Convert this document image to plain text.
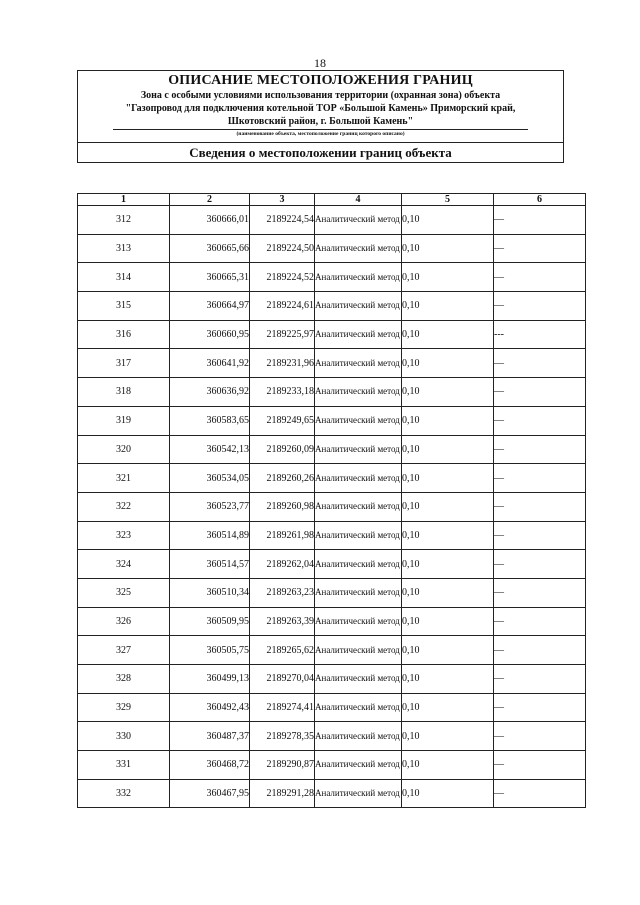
18
ОПИСАНИЕ МЕСТОПОЛОЖЕНИЯ ГРАНИЦ
Зона с особыми условиями использования территории (охранная зона) объекта
"Газопровод для подключения котельной ТОР «Большой Камень» Приморский край,
Шкотовский район, г. Большой Камень"
(наименование объекта, местоположение границ которого описано)
Сведения о местоположении границ объекта
1	2	3	4	5	6
312	360666,01	2189224,54	Аналитический метод	0,10	—
313	360665,66	2189224,50	Аналитический метод	0,10	—
314	360665,31	2189224,52	Аналитический метод	0,10	—
315	360664,97	2189224,61	Аналитический метод	0,10	—
316	360660,95	2189225,97	Аналитический метод	0,10	---
317	360641,92	2189231,96	Аналитический метод	0,10	—
318	360636,92	2189233,18	Аналитический метод	0,10	—
319	360583,65	2189249,65	Аналитический метод	0,10	—
320	360542,13	2189260,09	Аналитический метод	0,10	—
321	360534,05	2189260,26	Аналитический метод	0,10	—
322	360523,77	2189260,98	Аналитический метод	0,10	—
323	360514,89	2189261,98	Аналитический метод	0,10	—
324	360514,57	2189262,04	Аналитический метод	0,10	—
325	360510,34	2189263,23	Аналитический метод	0,10	—
326	360509,95	2189263,39	Аналитический метод	0,10	—
327	360505,75	2189265,62	Аналитический метод	0,10	—
328	360499,13	2189270,04	Аналитический метод	0,10	—
329	360492,43	2189274,41	Аналитический метод	0,10	—
330	360487,37	2189278,35	Аналитический метод	0,10	—
331	360468,72	2189290,87	Аналитический метод	0,10	—
332	360467,95	2189291,28	Аналитический метод	0,10	—
